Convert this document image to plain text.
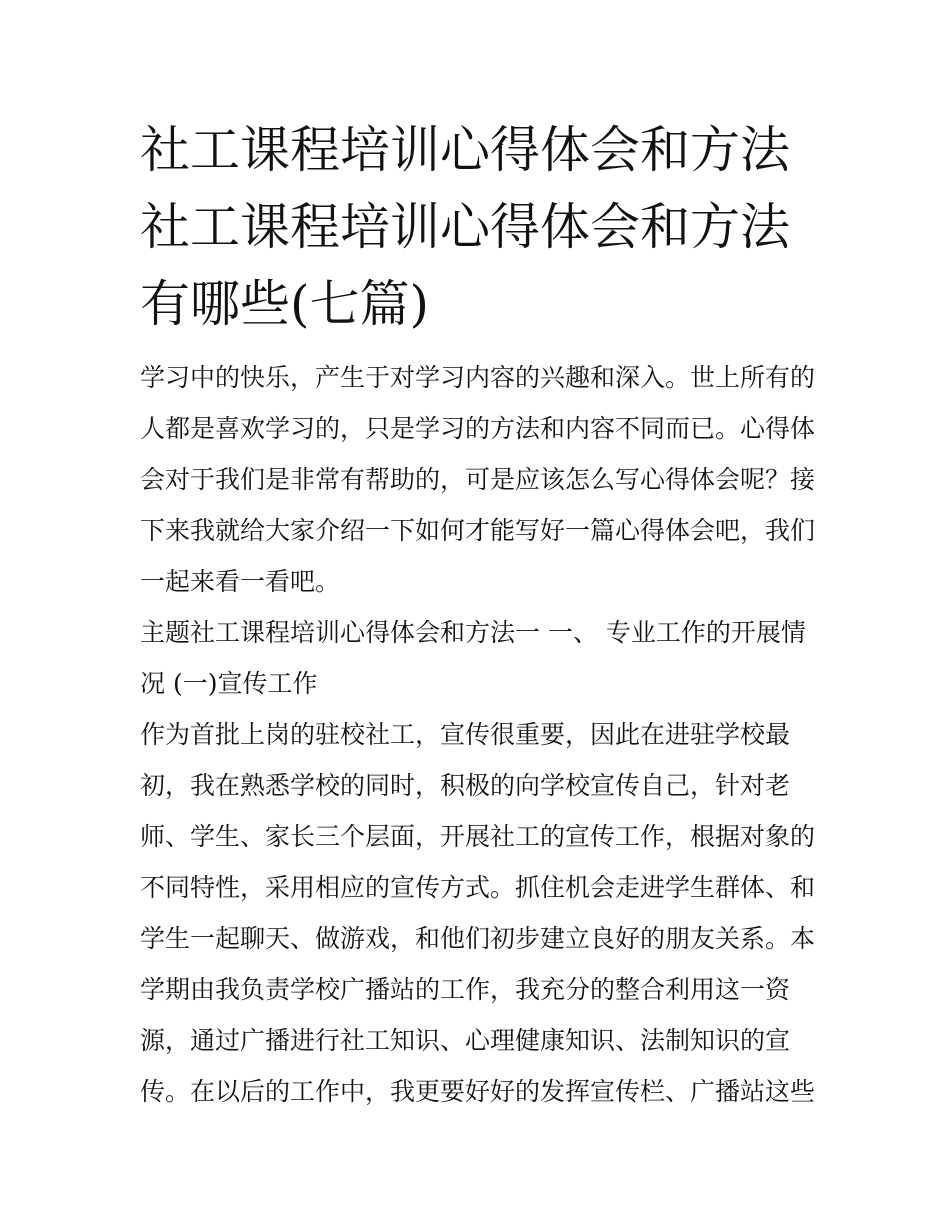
社工课程培训心得体会和方法 社工课程培训心得体会和方法有哪些(七篇)

学习中的快乐，产生于对学习内容的兴趣和深入。世上所有的人都是喜欢学习的，只是学习的方法和内容不同而已。心得体会对于我们是非常有帮助的，可是应该怎么写心得体会呢？接下来我就给大家介绍一下如何才能写好一篇心得体会吧，我们一起来看一看吧。

主题社工课程培训心得体会和方法一 一、 专业工作的开展情况 (一)宣传工作

作为首批上岗的驻校社工，宣传很重要，因此在进驻学校最初，我在熟悉学校的同时，积极的向学校宣传自己，针对老师、学生、家长三个层面，开展社工的宣传工作，根据对象的不同特性，采用相应的宣传方式。抓住机会走进学生群体、和学生一起聊天、做游戏，和他们初步建立良好的朋友关系。本学期由我负责学校广播站的工作，我充分的整合利用这一资源，通过广播进行社工知识、心理健康知识、法制知识的宣传。在以后的工作中，我更要好好的发挥宣传栏、广播站这些
